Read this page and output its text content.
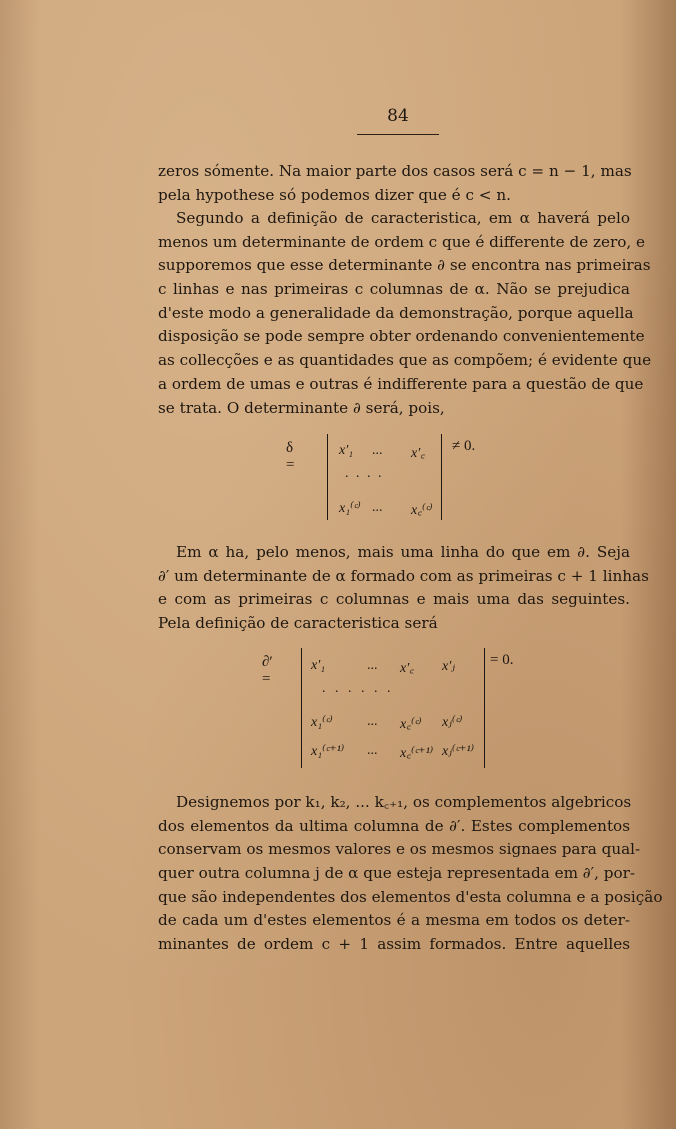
84
zeros sómente. Na maior parte dos casos será c = n − 1, mas
pela hypothese só podemos dizer que é c < n.
Segundo a definição de caracteristica, em α haverá pelo
menos um determinante de ordem c que é differente de zero, e
supporemos que esse determinante ∂ se encontra nas primeiras
c linhas e nas primeiras c columnas de α. Não se prejudica
d'este modo a generalidade da demonstração, porque aquella
disposição se pode sempre obter ordenando convenientemente
as collecções e as quantidades que as compõem; é evidente que
a ordem de umas e outras é indifferente para a questão de que
se trata. O determinante ∂ será, pois,
δ =
x′₁ ... x′꜀
. . . .
x₁⁽ᶜ⁾ ... x꜀⁽ᶜ⁾
≠ 0.
Em α ha, pelo menos, mais uma linha do que em ∂. Seja
∂′ um determinante de α formado com as primeiras c + 1 linhas
e com as primeiras c columnas e mais uma das seguintes.
Pela definição de caracteristica será
∂′ =
x′₁	... x′꜀ x′ⱼ
. . . . . .
x₁⁽ᶜ⁾ ... x꜀⁽ᶜ⁾ xⱼ⁽ᶜ⁾
x₁⁽ᶜ⁺¹⁾ ... x꜀⁽ᶜ⁺¹⁾ xⱼ⁽ᶜ⁺¹⁾
= 0.
Designemos por k₁, k₂, ... k꜀₊₁, os complementos algebricos
dos elementos da ultima columna de ∂′. Estes complementos
conservam os mesmos valores e os mesmos signaes para qual-
quer outra columna j de α que esteja representada em ∂′, por-
que são independentes dos elementos d'esta columna e a posição
de cada um d'estes elementos é a mesma em todos os deter-
minantes de ordem c + 1 assim formados. Entre aquelles
